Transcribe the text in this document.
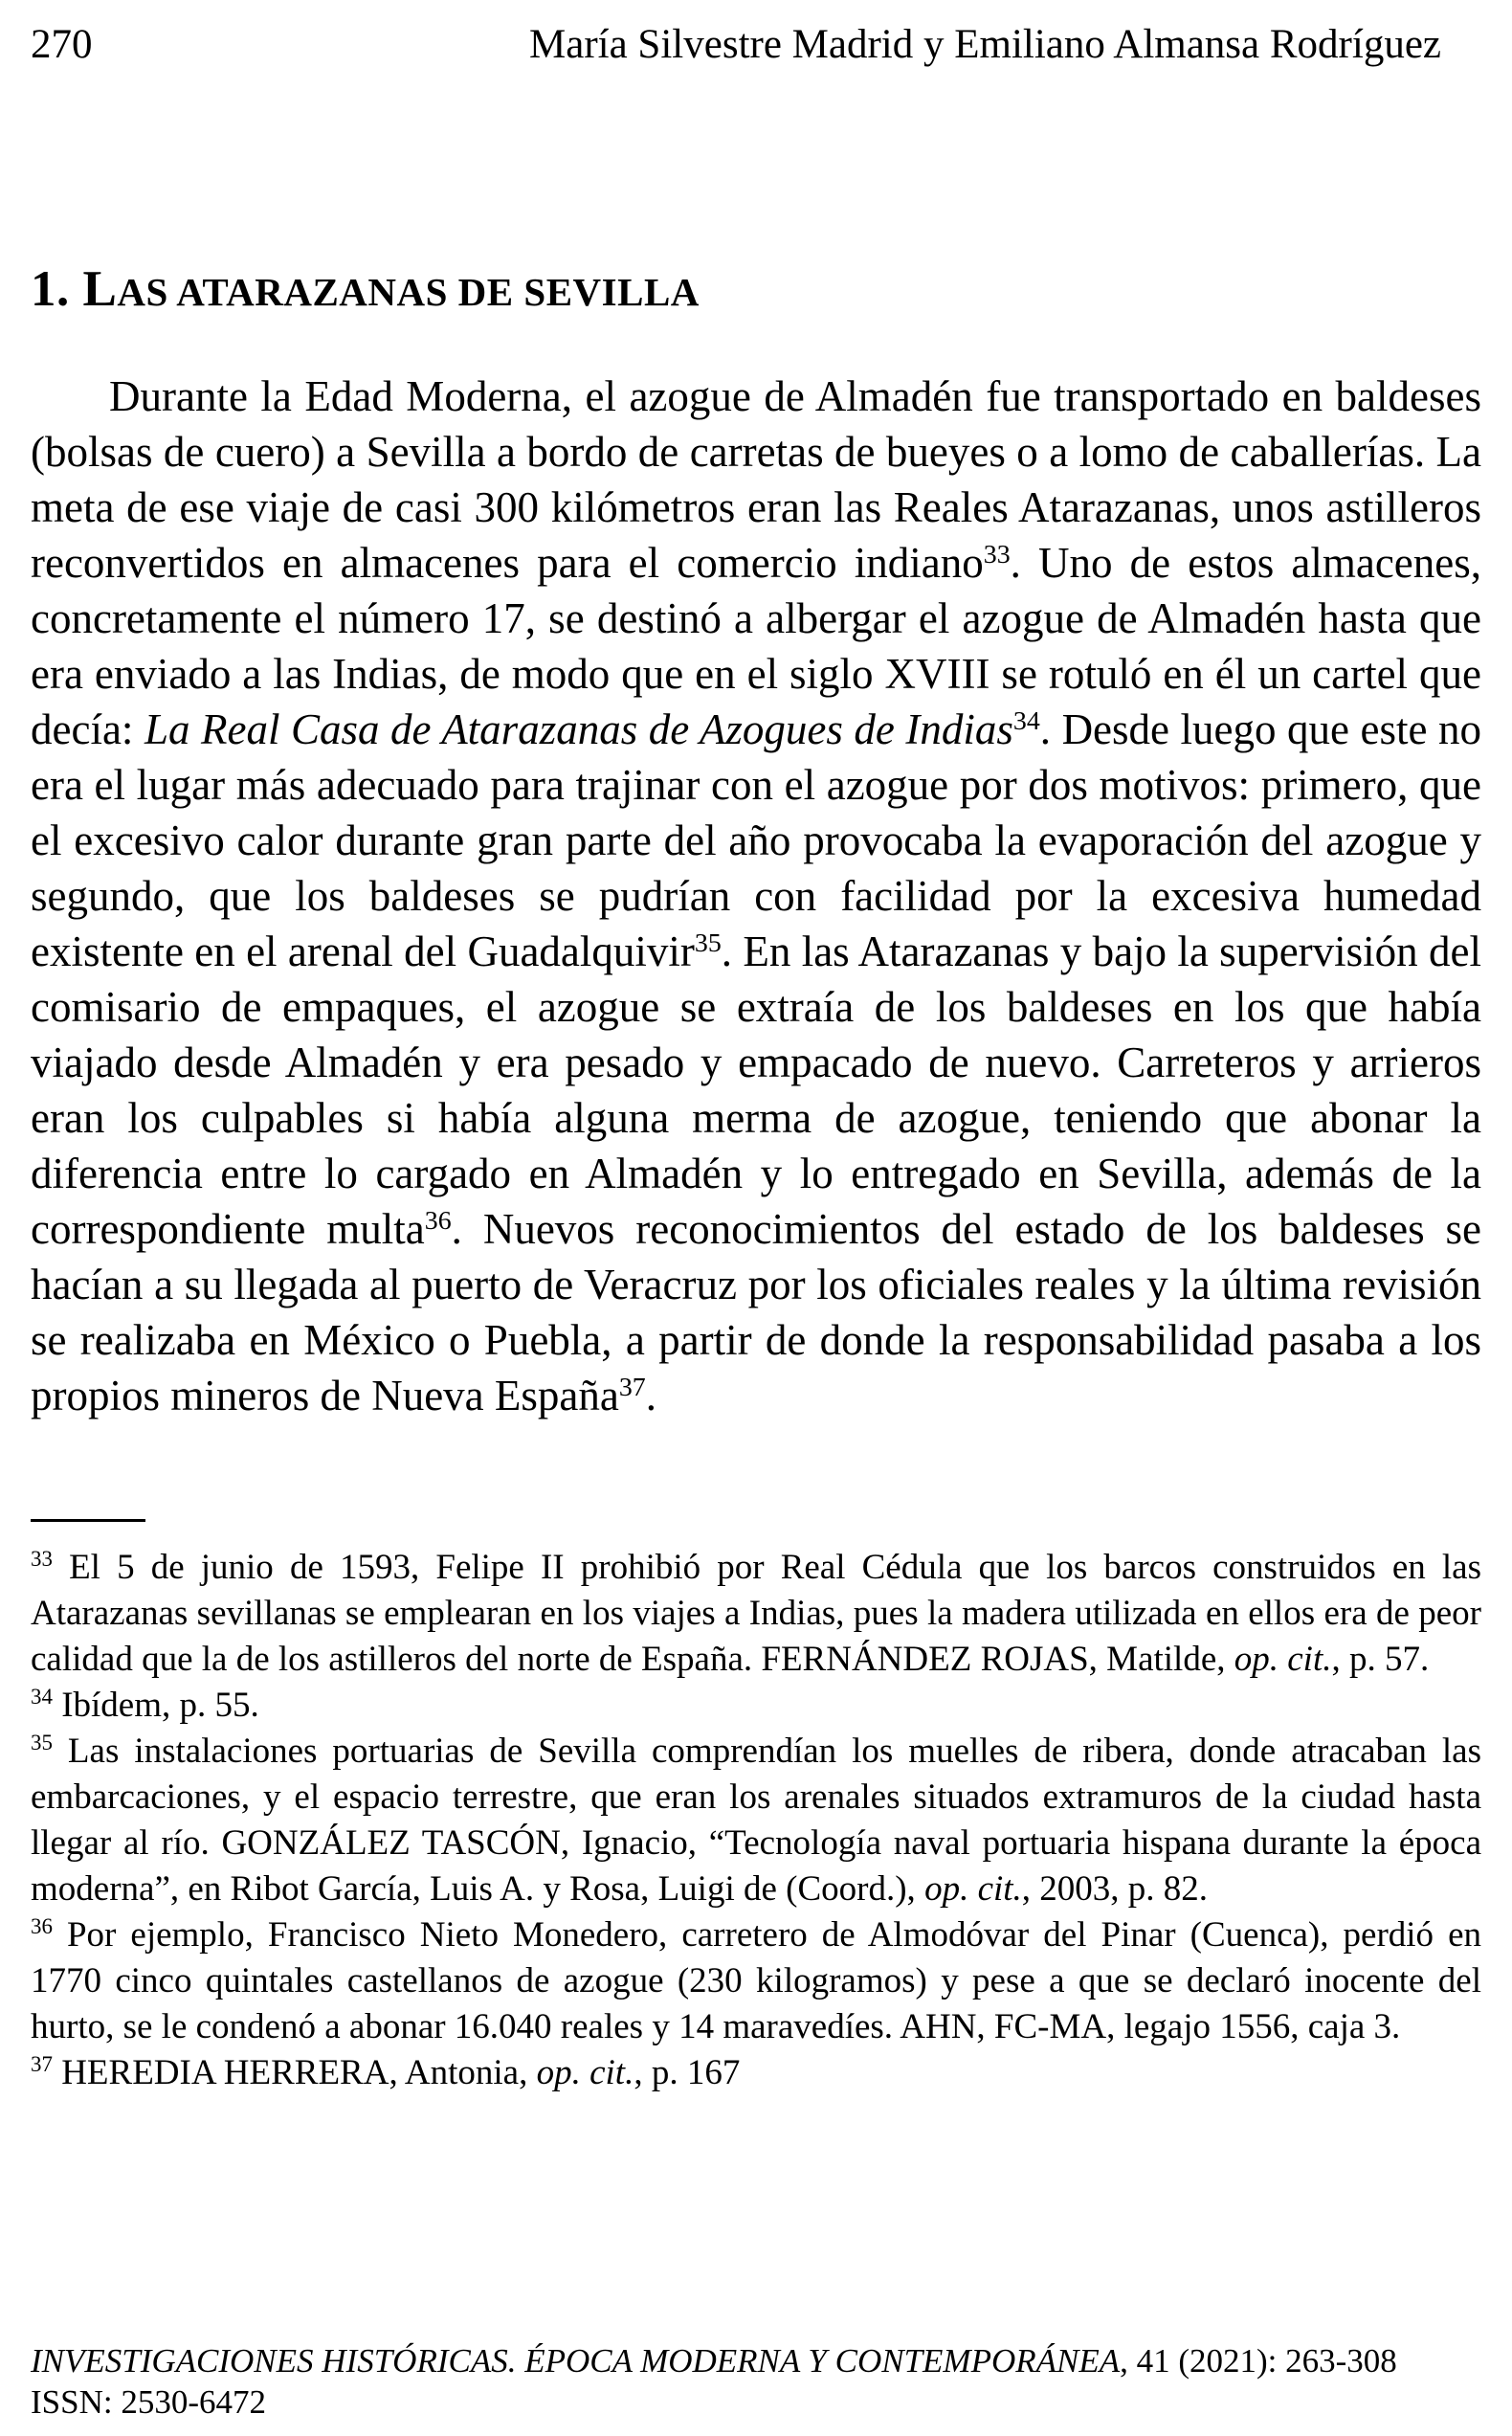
270	María Silvestre Madrid y Emiliano Almansa Rodríguez
1. LAS ATARAZANAS DE SEVILLA

Durante la Edad Moderna, el azogue de Almadén fue transportado en baldeses (bolsas de cuero) a Sevilla a bordo de carretas de bueyes o a lomo de caballerías. La meta de ese viaje de casi 300 kilómetros eran las Reales Atarazanas, unos astilleros reconvertidos en almacenes para el comercio indiano$^{33}$. Uno de estos almacenes, concretamente el número 17, se destinó a albergar el azogue de Almadén hasta que era enviado a las Indias, de modo que en el siglo XVIII se rotuló en él un cartel que decía: La Real Casa de Atarazanas de Azogues de Indias$^{34}$. Desde luego que este no era el lugar más adecuado para trajinar con el azogue por dos motivos: primero, que el excesivo calor durante gran parte del año provocaba la evaporación del azogue y segundo, que los baldeses se pudrían con facilidad por la excesiva humedad existente en el arenal del Guadalquivir$^{35}$. En las Atarazanas y bajo la supervisión del comisario de empaques, el azogue se extraía de los baldeses en los que había viajado desde Almadén y era pesado y empacado de nuevo. Carreteros y arrieros eran los culpables si había alguna merma de azogue, teniendo que abonar la diferencia entre lo cargado en Almadén y lo entregado en Sevilla, además de la correspondiente multa$^{36}$. Nuevos reconocimientos del estado de los baldeses se hacían a su llegada al puerto de Veracruz por los oficiales reales y la última revisión se realizaba en México o Puebla, a partir de donde la responsabilidad pasaba a los propios mineros de Nueva España$^{37}$.

$^{33}$ El 5 de junio de 1593, Felipe II prohibió por Real Cédula que los barcos construidos en las Atarazanas sevillanas se emplearan en los viajes a Indias, pues la madera utilizada en ellos era de peor calidad que la de los astilleros del norte de España. FERNÁNDEZ ROJAS, Matilde, op. cit., p. 57.
$^{34}$ Ibídem, p. 55.
$^{35}$ Las instalaciones portuarias de Sevilla comprendían los muelles de ribera, donde atracaban las embarcaciones, y el espacio terrestre, que eran los arenales situados extramuros de la ciudad hasta llegar al río. GONZÁLEZ TASCÓN, Ignacio, “Tecnología naval portuaria hispana durante la época moderna”, en Ribot García, Luis A. y Rosa, Luigi de (Coord.), op. cit., 2003, p. 82.
$^{36}$ Por ejemplo, Francisco Nieto Monedero, carretero de Almodóvar del Pinar (Cuenca), perdió en 1770 cinco quintales castellanos de azogue (230 kilogramos) y pese a que se declaró inocente del hurto, se le condenó a abonar 16.040 reales y 14 maravedíes. AHN, FC-MA, legajo 1556, caja 3.
$^{37}$ HEREDIA HERRERA, Antonia, op. cit., p. 167
INVESTIGACIONES HISTÓRICAS. ÉPOCA MODERNA Y CONTEMPORÁNEA, 41 (2021): 263-308
ISSN: 2530-6472
